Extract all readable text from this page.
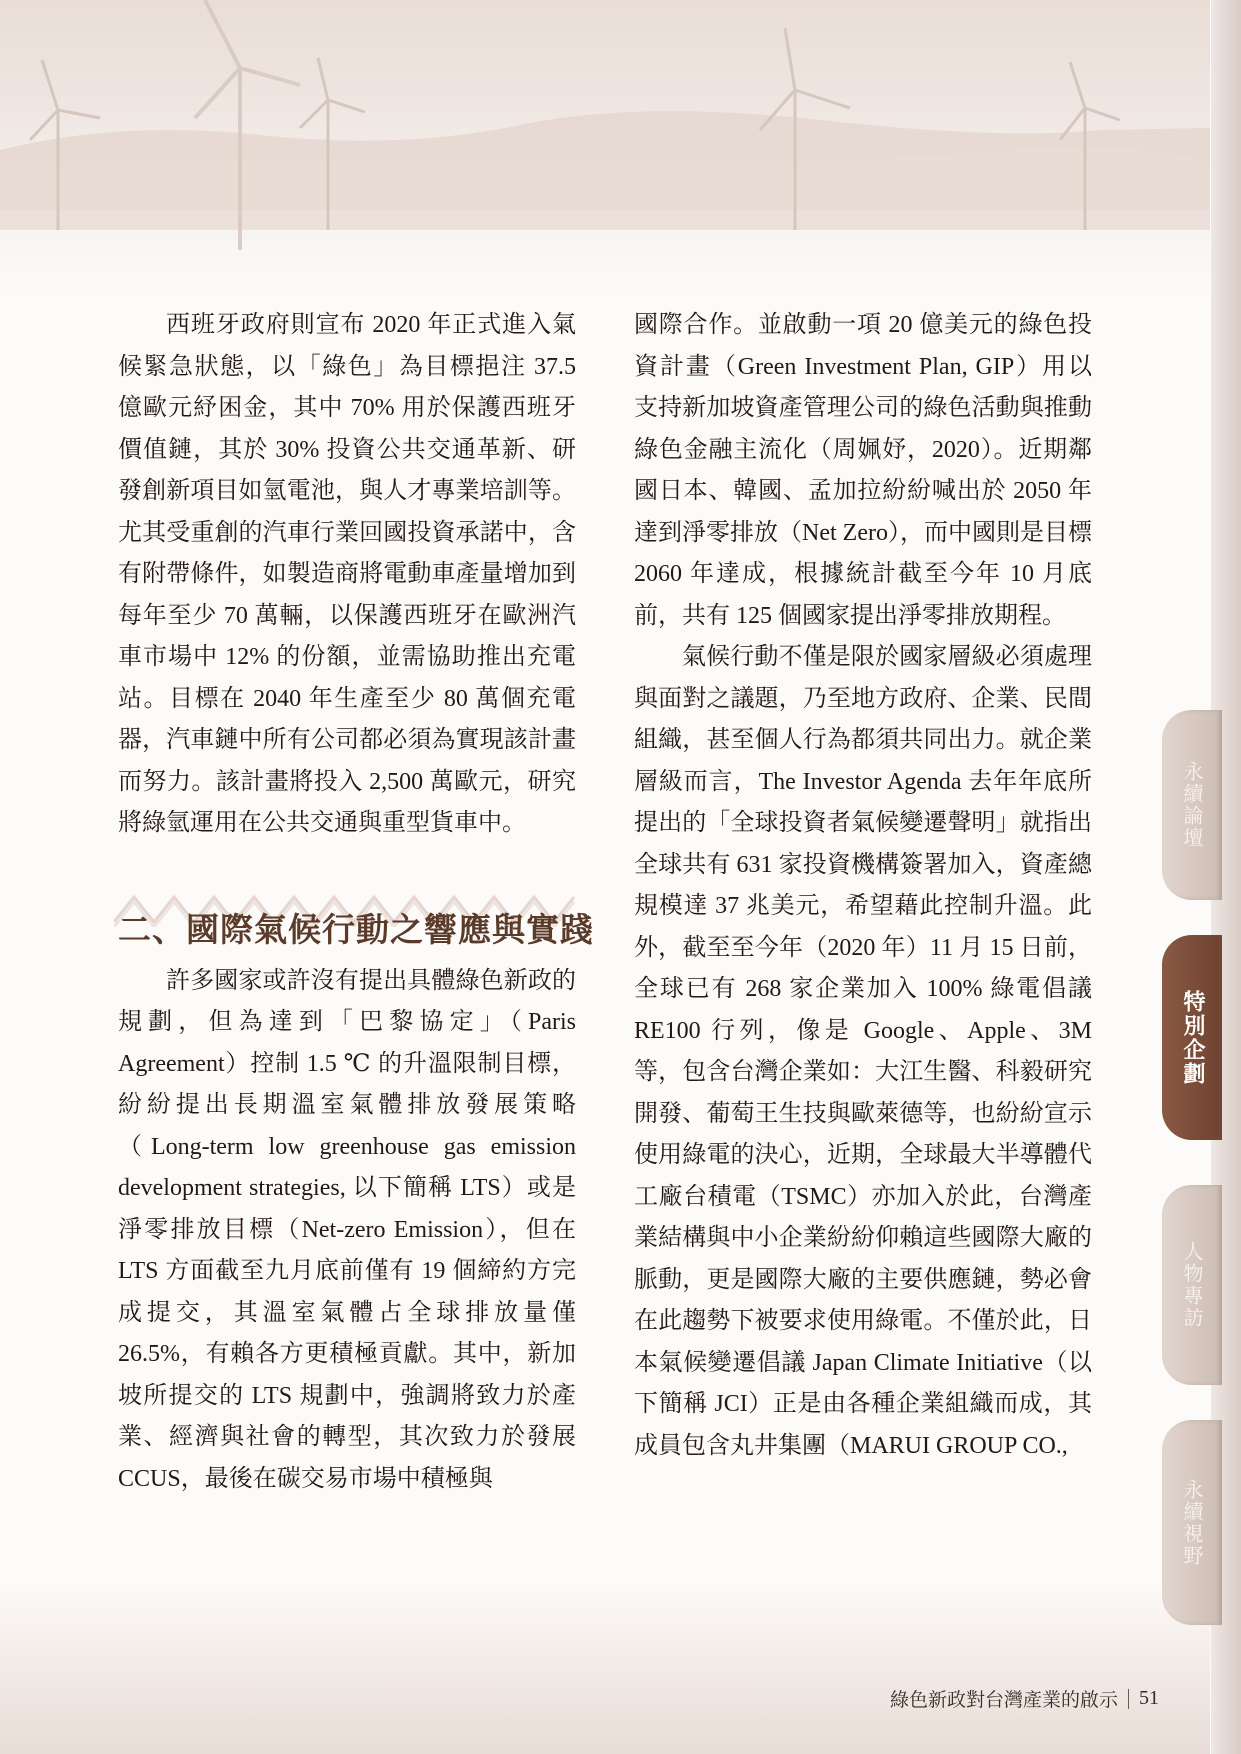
西班牙政府則宣布 2020 年正式進入氣候緊急狀態，以「綠色」為目標挹注 37.5 億歐元紓困金，其中 70% 用於保護西班牙價值鏈，其於 30% 投資公共交通革新、研發創新項目如氫電池，與人才專業培訓等。尤其受重創的汽車行業回國投資承諾中，含有附帶條件，如製造商將電動車產量增加到每年至少 70 萬輛，以保護西班牙在歐洲汽車市場中 12% 的份額，並需協助推出充電站。目標在 2040 年生產至少 80 萬個充電器，汽車鏈中所有公司都必須為實現該計畫而努力。該計畫將投入 2,500 萬歐元，研究將綠氫運用在公共交通與重型貨車中。

二、國際氣候行動之響應與實踐

許多國家或許沒有提出具體綠色新政的規劃，但為達到「巴黎協定」（Paris Agreement）控制 1.5 ℃ 的升溫限制目標，紛紛提出長期溫室氣體排放發展策略（Long-term low greenhouse gas emission development strategies, 以下簡稱 LTS）或是淨零排放目標（Net-zero Emission），但在 LTS 方面截至九月底前僅有 19 個締約方完成提交，其溫室氣體占全球排放量僅 26.5%，有賴各方更積極貢獻。其中，新加坡所提交的 LTS 規劃中，強調將致力於產業、經濟與社會的轉型，其次致力於發展 CCUS，最後在碳交易市場中積極與

國際合作。並啟動一項 20 億美元的綠色投資計畫（Green Investment Plan, GIP）用以支持新加坡資產管理公司的綠色活動與推動綠色金融主流化（周姵妤，2020）。近期鄰國日本、韓國、孟加拉紛紛喊出於 2050 年達到淨零排放（Net Zero），而中國則是目標 2060 年達成，根據統計截至今年 10 月底前，共有 125 個國家提出淨零排放期程。

氣候行動不僅是限於國家層級必須處理與面對之議題，乃至地方政府、企業、民間組織，甚至個人行為都須共同出力。就企業層級而言，The Investor Agenda 去年年底所提出的「全球投資者氣候變遷聲明」就指出全球共有 631 家投資機構簽署加入，資產總規模達 37 兆美元，希望藉此控制升溫。此外，截至至今年（2020 年）11 月 15 日前，全球已有 268 家企業加入 100% 綠電倡議 RE100 行列，像是 Google、Apple、3M 等，包含台灣企業如：大江生醫、科毅研究開發、葡萄王生技與歐萊德等，也紛紛宣示使用綠電的決心，近期，全球最大半導體代工廠台積電（TSMC）亦加入於此，台灣產業結構與中小企業紛紛仰賴這些國際大廠的脈動，更是國際大廠的主要供應鏈，勢必會在此趨勢下被要求使用綠電。不僅於此，日本氣候變遷倡議 Japan Climate Initiative（以下簡稱 JCI）正是由各種企業組織而成，其成員包含丸井集團（MARUI GROUP CO.,

永續論壇
特別企劃
人物專訪
永續視野
綠色新政對台灣產業的啟示 51
